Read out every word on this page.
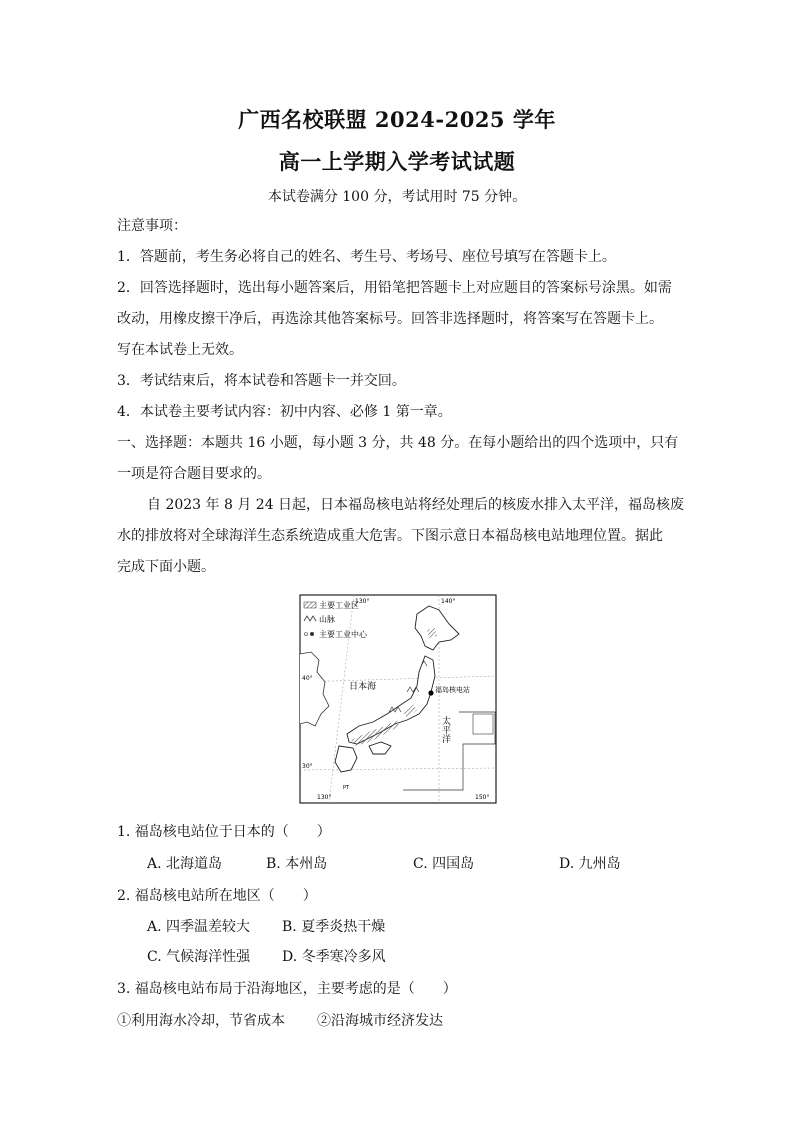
广西名校联盟 2024-2025 学年
高一上学期入学考试试题
本试卷满分 100 分，考试用时 75 分钟。
注意事项：
1．答题前，考生务必将自己的姓名、考生号、考场号、座位号填写在答题卡上。
2．回答选择题时，选出每小题答案后，用铅笔把答题卡上对应题目的答案标号涂黑。如需
改动，用橡皮擦干净后，再选涂其他答案标号。回答非选择题时，将答案写在答题卡上。
写在本试卷上无效。
3．考试结束后，将本试卷和答题卡一并交回。
4．本试卷主要考试内容：初中内容、必修 1 第一章。
一、选择题：本题共 16 小题，每小题 3 分，共 48 分。在每小题给出的四个选项中，只有
一项是符合题目要求的。
自 2023 年 8 月 24 日起，日本福岛核电站将经处理后的核废水排入太平洋，福岛核废
水的排放将对全球海洋生态系统造成重大危害。下图示意日本福岛核电站地理位置。据此
完成下面小题。
主要工业区
山脉
主要工业中心
福岛核电站
日本海
太平洋
130°	140°
40°
30°
130°	150°
PT
1. 福岛核电站位于日本的（　　）
A. 北海道岛	B. 本州岛	C. 四国岛	D. 九州岛
2. 福岛核电站所在地区（　　）
A. 四季温差较大 B. 夏季炎热干燥
C. 气候海洋性强 D. 冬季寒冷多风
3. 福岛核电站布局于沿海地区，主要考虑的是（　　）
①利用海水冷却，节省成本 ②沿海城市经济发达
